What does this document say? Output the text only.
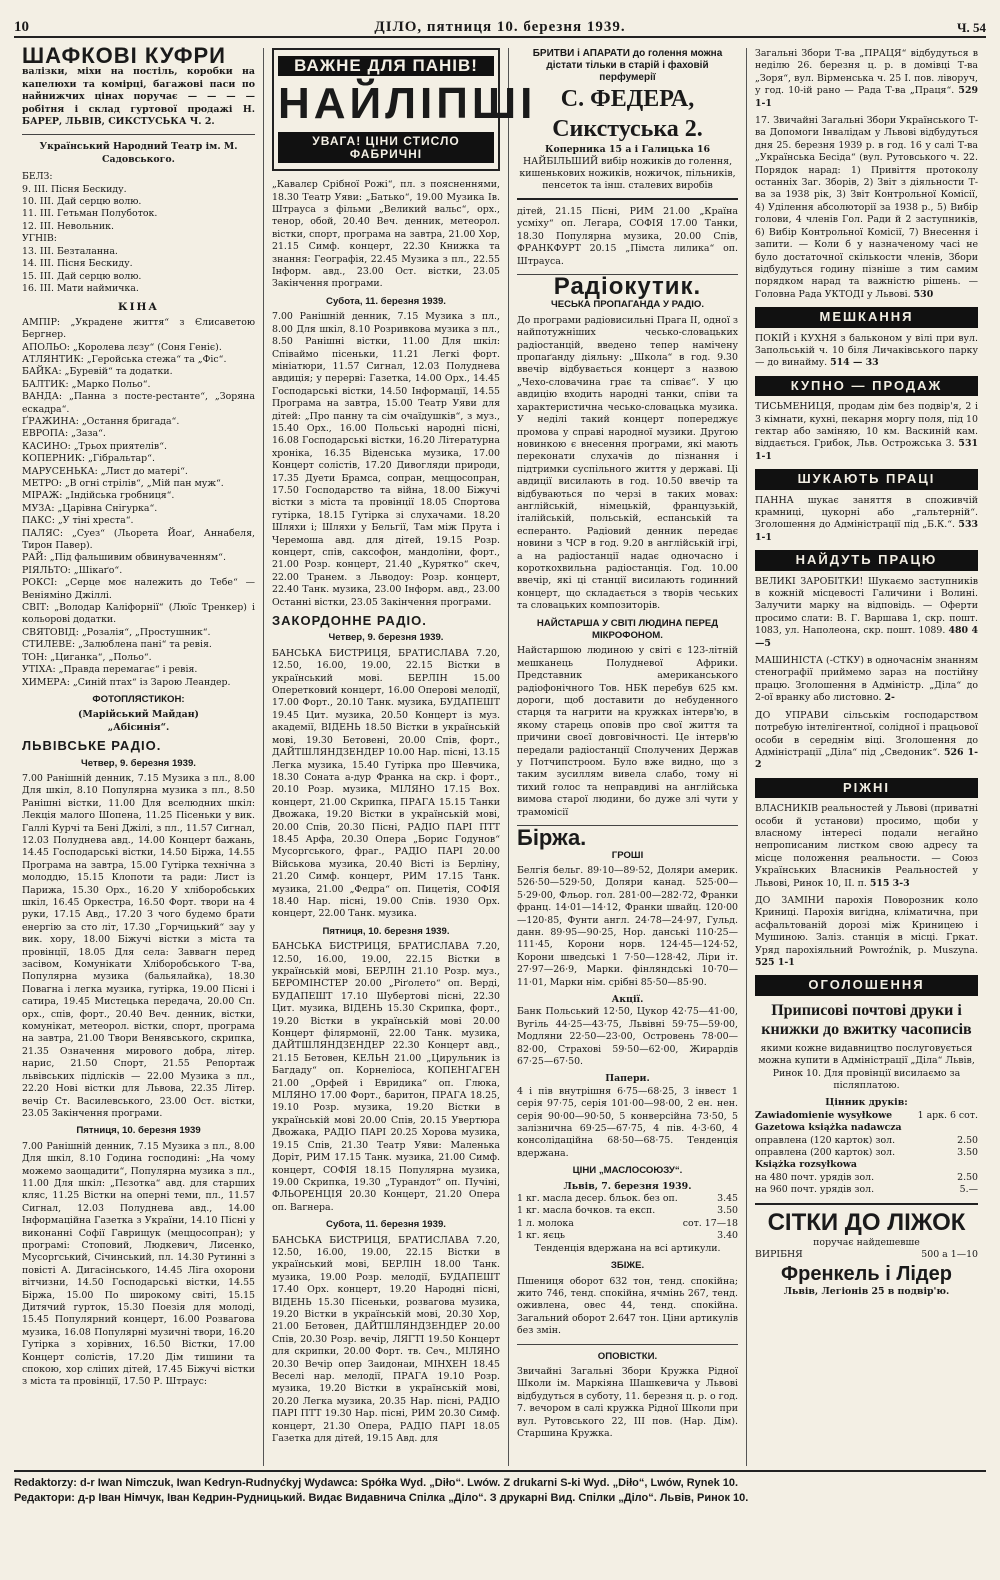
10	ДІЛО, пятниця 10. березня 1939.	Ч. 54
ШАФКОВІ КУФРИ

валізки, міхи на постіль, коробки на капелюхи та комірці, багажові паси по найнижчих цінах поручає — — — — робітня і склад гуртової продажі Н. БАРЕР, ЛЬВІВ, СИКСТУСЬКА Ч. 2.

Український Народний Театр ім. М. Садовського.

БЕЛЗ:
9. III. Пісня Бескиду.
10. III. Дай серцю волю.
11. III. Гетьман Полуботок.
12. III. Невольник.
УГНІВ:
13. III. Безталанна.
14. III. Пісня Бескиду.
15. III. Дай серцю волю.
16. III. Мати наймичка.
КІНА
АМПІР: „Украдене життя“ з Єлисаветою Бергнер.
АПОЛЬО: „Королева лєзу“ (Соня Геніє).
АТЛЯНТИК: „Геройська стежа“ та „Фіс“.
БАЙКА: „Буревій“ та додатки.
БАЛТИК: „Марко Польо“.
ВАНДА: „Панна з посте-рестанте“, „Зоряна ескадра“.
ҐРАЖИНА: „Остання бригада“.
ЕВРОПА: „Заза“.
КАСИНО: „Трьох приятелів“.
КОПЕРНИК: „Гібральтар“.
МАРУСЕНЬКА: „Лист до матері“.
МЕТРО: „В огні стрілів“, „Мій пан муж“.
МІРАЖ: „Індійська гробниця“.
МУЗА: „Царівна Снігурка“.
ПАКС: „У тіні хреста“.
ПАЛЯС: „Суез“ (Льорета Йоаґ, Аннабеля, Тирон Павер).
РАЙ: „Під фальшивим обвинуваченням“.
РІЯЛЬТО: „Шікаґо“.
РОКСІ: „Серце моє належить до Тебе“ — Веніяміно Джіллі.
СВІТ: „Володар Каліфорнії“ (Люїс Тренкер) і кольорові додатки.
СВЯТОВІД: „Розалія“, „Простушник“.
СТИЛЕВЕ: „Залюблена пані“ та ревія.
ТОН: „Циганка“, „Польо“.
УТІХА: „Правда перемагає“ і ревія.
ХИМЕРА: „Синій птах“ із Зарою Леандер.
ФОТОПЛЯСТИКОН:
(Марійський Майдан)
„Абісинія“.
ЛЬВІВСЬКЕ РАДІО.
Четвер, 9. березня 1939.

7.00 Ранішній денник, 7.15 Музика з пл., 8.00 Для шкіл, 8.10 Популярна музика з пл., 8.50 Ранішні вістки, 11.00 Для вселюдних шкіл: Лекція малого Шопена, 11.25 Пісеньки у вик. Галлі Курчі та Бені Джілі, з пл., 11.57 Сигнал, 12.03 Полуднева авд., 14.00 Концерт бажань, 14.45 Господарські вістки, 14.50 Біржа, 14.55 Програма на завтра, 15.00 Гутірка технічна з молоддю, 15.15 Клопоти та ради: Лист із Парижа, 15.30 Орх., 16.20 У хліборобських шкіл, 16.45 Оркестра, 16.50 Форт. твори на 4 руки, 17.15 Авд., 17.20 З чого будемо брати енергію за сто літ, 17.30 „Горчицький“ зау у вик. хору, 18.00 Біжучі вістки з міста та провінції, 18.05 Для села: Заввагн перед засівом, Комунікати Хліборобського Т-ва, Популярна музика (бальялайка), 18.30 Повагна і легка музика, гутірка, 19.00 Пісні і сатира, 19.45 Мистецька передача, 20.00 Сп. орх., спів, форт., 20.40 Веч. денник, вістки, комунікат, метеорол. вістки, спорт, програма на завтра, 21.00 Твори Венявського, скрипка, 21.35 Означення мирового добра, літер. нарис, 21.50 Спорт, 21.55 Репортаж львівських підлісків — 22.00 Музика з пл., 22.20 Нові вістки для Львова, 22.35 Літер. вечір Ст. Василевського, 23.00 Ост. вістки, 23.05 Закінчення програми.

Пятниця, 10. березня 1939

7.00 Ранішній денник, 7.15 Музика з пл., 8.00 Для шкіл, 8.10 Година господині: „На чому можемо заощадити“, Популярна музика з пл., 11.00 Для шкіл: „Пєзотка“ авд. для старших кляс, 11.25 Вістки на оперні теми, пл., 11.57 Сигнал, 12.03 Полуднева авд., 14.00 Інформаційна Газетка з України, 14.10 Пісні у виконанні Софії Гаврищук (меццосопран); у програмі: Стоповий, Людкевич, Лисенко, Мусоргський, Січинський, пл. 14.30 Рутинні з повісті А. Дигасінського, 14.45 Ліга охорони вітчизни, 14.50 Господарські вістки, 14.55 Біржа, 15.00 По широкому світі, 15.15 Дитячий гурток, 15.30 Поезія для молоді, 15.45 Популярний концерт, 16.00 Розвагова музика, 16.08 Популярні музичні твори, 16.20 Гутірка з хорівних, 16.50 Вістки, 17.00 Концерт солістів, 17.20 Дім тишини та спокою, хор сліпих дітей, 17.45 Біжучі вістки з міста та провінції, 17.50 Р. Штраус:

ВАЖНЕ ДЛЯ ПАНІВ!
НАЙЛІПШІ
УВАГА! ЦІНИ СТИСЛО ФАБРИЧНІ

„Кавалєр Срібної Рожі“, пл. з поясненнями, 18.30 Театр Уяви: „Батько“, 19.00 Музика Ів. Штрауса з фільми „Великий вальс“, орх., тенор, обой, 20.40 Веч. денник, метеорол. вістки, спорт, програма на завтра, 21.00 Хор, 21.15 Симф. концерт, 22.30 Книжка та знання: Географія, 22.45 Музика з пл., 22.55 Інформ. авд., 23.00 Ост. вістки, 23.05 Закінчення програми.

Субота, 11. березня 1939.

7.00 Ранішній денник, 7.15 Музика з пл., 8.00 Для шкіл, 8.10 Розривкова музика з пл., 8.50 Ранішні вістки, 11.00 Для шкіл: Співаймо пісеньки, 11.21 Легкі форт. мініатюри, 11.57 Сигнал, 12.03 Полуднева авдиція; у перерві: Газетка, 14.00 Орх., 14.45 Господарські вістки, 14.50 Інформації, 14.55 Програма на завтра, 15.00 Театр Уяви для дітей: „Про панну та сім очаїдушків“, з муз., 15.40 Орх., 16.00 Польські народні пісні, 16.08 Господарські вістки, 16.20 Літературна хроніка, 16.35 Віденська музика, 17.00 Концерт солістів, 17.20 Дивогляди природи, 17.35 Дуети Брамса, сопран, меццосопран, 17.50 Господарство та війна, 18.00 Біжучі вістки з міста та провінції 18.05 Спортова гутірка, 18.15 Гутірка зі слухачами. 18.20 Шляхи і; Шляхи у Бельгії, Там між Прута і Черемоша авд. для дітей, 19.15 Розр. концерт, спів, саксофон, мандоліни, форт., 21.00 Розр. концерт, 21.40 „Курятко“ скеч, 22.00 Транем. з Льводоу: Розр. концерт, 22.40 Танк. музика, 23.00 Інформ. авд., 23.00 Останні вістки, 23.05 Закінчення програми.

ЗАКОРДОННЕ РАДІО.
Четвер, 9. березня 1939.

БАНСЬКА БИСТРИЦЯ, БРАТИСЛАВА 7.20, 12.50, 16.00, 19.00, 22.15 Вістки в український мові. БЕРЛІН 15.00 Оперетковий концерт, 16.00 Оперові мелодії, 17.00 Форт., 20.10 Танк. музика, БУДАПЕШТ 19.45 Цит. музика, 20.50 Концерт із муз. академії, ВІДЕНЬ 18.50 Вістки в українській мові, 19.30 Бетовені, 20.00 Спів, форт., ДАЙТШЛЯНДЗЕНДЕР 10.00 Нар. пісні, 13.15 Легка музика, 15.40 Гутірка про Шевчика, 18.30 Соната а-дур Франка на скр. і форт., 20.10 Розр. музика, МІЛЯНО 17.15 Вох. концерт, 21.00 Скрипка, ПРАГА 15.15 Танки Двожака, 19.20 Вістки в українській мові, 20.00 Спів, 20.30 Пісні, РАДІО ПАРІ ПТТ 18.45 Арфа, 20.30 Опера „Борис Годунов“ Мусоргського, фраг., РАДІО ПАРІ 20.00 Військова музика, 20.40 Вісті із Берліну, 21.20 Симф. концерт, РИМ 17.15 Танк. музика, 21.00 „Федра“ оп. Пицетія, СОФІЯ 18.40 Нар. пісні, 19.00 Спів. 1930 Орх. концерт, 22.00 Танк. музика.

Пятниця, 10. березня 1939.

БАНСЬКА БИСТРИЦЯ, БРАТИСЛАВА 7.20, 12.50, 16.00, 19.00, 22.15 Вістки в українській мові, БЕРЛІН 21.10 Розр. муз., БЕРОМІНСТЕР 20.00 „Ріґолето“ оп. Верді, БУДАПЕШТ 17.10 Шубертові пісні, 22.30 Цит. музика, ВІДЕНЬ 15.30 Скрипка, форт., 19.20 Вістки в українській мові 20.00 Концерт філярмонії, 22.00 Танк. музика, ДАЙТШЛЯНДЗЕНДЕР 22.30 Концерт авд., 21.15 Бетовен, КЕЛЬН 21.00 „Цирульник із Багдаду“ оп. Корнеліоса, КОПЕНГАГЕН 21.00 „Орфей і Евридика“ оп. Глюка, МІЛЯНО 17.00 Форт., баритон, ПРАГА 18.25, 19.10 Розр. музика, 19.20 Вістки в українській мові 20.00 Спів, 20.15 Увертюра Двожака, РАДІО ПАРІ 20.25 Хорова музика, 19.15 Спів, 21.30 Театр Уяви: Маленька Доріт, РИМ 17.15 Танк. музика, 21.00 Симф. концерт, СОФІЯ 18.15 Популярна музика, 19.00 Скрипка, 19.30 „Турандот“ оп. Пучіні, ФЛЬОРЕНЦІЯ 20.30 Концерт, 21.20 Опера оп. Вагнера.

Субота, 11. березня 1939.

БАНСЬКА БИСТРИЦЯ, БРАТИСЛАВА 7.20, 12.50, 16.00, 19.00, 22.15 Вістки в український мові, БЕРЛІН 18.00 Танк. музика, 19.00 Розр. мелодії, БУДАПЕШТ 17.40 Орх. концерт, 19.20 Народні пісні, ВІДЕНЬ 15.30 Пісеньки, розвагова музика, 19.20 Вістки в українській мові, 20.30 Хор, 21.00 Бетовен, ДАЙТШЛЯНДЗЕНДЕР 20.00 Спів, 20.30 Розр. вечір, ЛЯГТІ 19.50 Концерт для скрипки, 20.00 Форт. тв. Сеч., МІЛЯНО 20.30 Вечір опер Заидонаи, МІНХЕН 18.45 Веселі нар. мелодії, ПРАГА 19.10 Розр. музика, 19.20 Вістки в українській мові, 20.20 Легка музика, 20.35 Нар. пісні, РАДІО ПАРІ ПТТ 19.30 Нар. пісні, РИМ 20.30 Симф. концерт, 21.30 Опера, РАДІО ПАРІ 18.05 Газетка для дітей, 19.15 Авд. для

БРИТВИ і АПАРАТИ до голення можна дістати тільки в старій і фаховій перфумерії
С. ФЕДЕРА, Сикстуська 2.
Коперника 15 а і Галицька 16
НАЙБІЛЬШИЙ вибір ножиків до голення, кишенькових ножиків, ножичок, пільників, пенсеток та інш. сталевих виробів

дітей, 21.15 Пісні, РИМ 21.00 „Країна усміху“ оп. Легара, СОФІЯ 17.00 Танки, 18.30 Популярна музика, 20.00 Спів, ФРАНКФУРТ 20.15 „Пімста лилика“ оп. Штрауса.

Радіокутик.
ЧЕСЬКА ПРОПАГАНДА У РАДІО.

До програми радіовисильні Прага II, одної з найпотужніших чесько-словацьких радіостанцій, введено тепер намічену пропаґанду діяльну: „Школа“ в год. 9.30 ввечір відбувається концерт з назвою „Чехо-словачина грає та співає“. У цю авдицію входить народні танки, співи та характеристична чесько-словацька музика. У неділі такий концерт попереджує промова у справі народної музики. Другою новинкою є внесення програми, які мають переконати слухачів до пізнання і підтримки суспільного життя у державі. Ці авдиції висилають в год. 10.50 ввечір та відбуваються по черзі в таких мовах: англійській, німецькій, французькій, італійській, польській, еспанській та есперанто. Радіовий денник передає новини з ЧСР в год. 9.20 в англійській ігрі, а на радіостанції надає одночасно і короткохвильна радіостанція. Год. 10.00 ввечір, які ці станції висилають годинний концерт, що складається з творів чеських та словацьких композиторів.

НАЙСТАРША У СВІТІ ЛЮДИНА ПЕРЕД МІКРОФОНОМ.

Найстаршою людиною у світі є 123-літній мешканець Полудневої Африки. Представник американського радіофонічного Тов. НБК перебув 625 км. дороги, щоб доставити до небуденного старця та нагрити на кружках інтерв'ю, в якому старець оповів про свої життя та причини своєї довговічності. Це інтерв'ю передали радіостанції Сполучених Держав у Потчипстроом. Було вже видно, що з таким зусиллям вивела слабо, тому ні тихий голос та неправдиві на англійська вимова старої людини, бо дуже злі чути у трамомісії

Біржа.
ГРОШІ

Белгія бельг. 89·10—89·52, Доляри америк. 526·50—529·50, Доляри канад. 525·00—5·29·00, Фльор. гол. 281·00—282·72, Франки франц. 14·01—14·12, Франки швайц. 120·00—120·85, Фунти англ. 24·78—24·97, Гульд. данн. 89·95—90·25, Нор. данські 110·25—111·45, Корони норв. 124·45—124·52, Корони шведські 1 7·50—128·42, Ліри іт. 27·97—26·9, Марки. фінляндські 10·70—11·01, Марки нім. срібні 85·50—85·90.

Акції.

Банк Польський 12·50, Цукор 42·75—41·00, Вугіль 44·25—43·75, Львівні 59·75—59·00, Модляни 22·50—23·00, Островень 78·00—82·00, Страхові 59·50—62·00, Жирардів 67·25—67·50.

Папери.

4 і пів внутрішня 6·75—68·25, 3 інвест 1 серія 97·75, серія 101·00—98·00, 2 ен. нен. серія 90·00—90·50, 5 конверсійна 73·50, 5 залізнична 69·25—67·75, 4 пів. 4·3·60, 4 консолідаційна 68·50—68·75. Тенденція вдержана.

ЦІНИ „МАСЛОСОЮЗУ“.
Львів, 7. березня 1939.
1 кг. масла десер. бльок. без оп.	3.45
1 кг. масла бочков. та експ.	3.50
1 л. молока	сот. 17—18
1 кг. яєць	3.40

Тенденція вдержана на всі артикули.

ЗБІЖЕ.

Пшениця оборот 632 тон, тенд. спокійна; жито 746, тенд. спокійна, ячмінь 267, тенд. оживлена, овес 44, тенд. спокійна. Загальний оборот 2.647 тон. Ціни артикулів без змін.

ОПОВІСТКИ.

Звичайні Загальні Збори Кружка Рідної Школи ім. Маркіяна Шашкевича у Львові відбудуться в суботу, 11. березня ц. р. о год. 7. вечором в салі кружка Рідної Школи при вул. Рутовського 22, III пов. (Нар. Дім). Старшина Кружка.

Загальні Збори Т-ва „ПРАЦЯ“ відбудуться в неділю 26. березня ц. р. в домівці Т-ва „Зоря“, вул. Вірменська ч. 25 І. пов. ліворуч, у год. 10-ій рано — Рада Т-ва „Праця“. 529 1-1

17. Звичайні Загальні Збори Українського Т-ва Допомоги Інвалідам у Львові відбудуться дня 25. березня 1939 р. в год. 16 у салі Т-ва „Українська Бесіда“ (вул. Рутовського ч. 22. Порядок нарад: 1) Привіття протоколу останніх Заг. Зборів, 2) Звіт з діяльности Т-ва за 1938 рік, 3) Звіт Контрольної Комісії, 4) Уділення абсолюторії за 1938 р., 5) Вибір голови, 4 членів Гол. Ради й 2 заступників, 6) Вибір Контрольної Комісії, 7) Внесення і запити. — Коли б у назначеному часі не було достаточної скількости членів, Збори відбудуться годину пізніше з тим самим порядком нарад та важністю рішень. — Головна Рада УКТОДІ у Львові. 530

МЕШКАННЯ

ПОКІЙ і КУХНЯ з бальконом у вілі при вул. Запольській ч. 10 біля Личаківського парку — до винайму. 514 — 33

КУПНО — ПРОДАЖ

ТИСЬМЕНИЦЯ, продам дім без подвір'я, 2 і 3 кімнати, кухні, пекарня моргу поля, під 10 гектар або заміняю, 10 км. Васкиній кам. віддається. Грибок, Льв. Острожська 3. 531 1-1

ШУКАЮТЬ ПРАЦІ

ПАННА шукає заняття в споживчій крамниці, цукорні або „гальтерній“. Зголошення до Адміністрації під „Б.К.“. 533 1-1

НАЙДУТЬ ПРАЦЮ

ВЕЛИКІ ЗАРОБІТКИ! Шукаємо заступників в кожній місцевості Галичини і Волині. Залучити марку на відповідь. — Оферти просимо слати: В. Г. Варшава 1, скр. пошт. 1083, ул. Наполеона, скр. пошт. 1089. 480 4—5

МАШИНІСТА (-СТКУ) в одночаснім знанням стенографії приймемо зараз на постійну працю. Зголошення в Адміністр. „Діла“ до 2-ої вранку або листовно. 2-

ДО УПРАВИ сільськім господарством потребую інтелігентної, солідної і працьової особи в середнім віці. Зголошення до Адміністрації „Діла“ під „Сведоник“. 526 1-2

РІЖНІ

ВЛАСНИКІВ реальностей у Львові (приватні особи й установи) просимо, щоби у власному інтересі подали негайно непрописаним листком свою адресу та місце положення реальности. — Союз Українських Власників Реальностей у Львові, Ринок 10, II. п. 515 3-3

ДО ЗАМІНИ парохія Поворозник коло Криниці. Парохія вигідна, кліматична, при асфальтованій дорозі між Криницею і Мушиною. Заліз. станція в місці. Гркат. Уряд парохіяльний Powroźnik, p. Muszyna. 525 1-1

ОГОЛОШЕННЯ
Приписові почтові друки і книжки до вжитку часописів

якими кожне видавництво послуговується можна купити в Адміністрації „Діла“ Львів, Ринок 10. Для провінції висилаємо за післяплатою.

Цінник друків:
Zawiadomienie wysyłkowe	1 арк. 6 сот.
Gazetowa książka nadawcza
оправлена (120 карток) зол.	2.50
оправлена (200 карток) зол.	3.50
Książka rozsyłkowa
на 480 почт. урядів зол.	2.50
на 960 почт. урядів зол.	5.—
СІТКИ ДО ЛІЖОК
поручає найдешевше
ВИРІБНЯ	500 а 1—10
Френкель і Лідер
Львів, Легіонів 25 в подвір'ю.
Redaktorzy: d-r Iwan Nimczuk, Iwan Kedryn-Rudnyćkyj Wydawca: Spółka Wyd. „Diło“. Lwów. Z drukarni S-ki Wyd. „Diło“, Lwów, Rynek 10.
Редактори: д-р Іван Німчук, Іван Кедрин-Рудницький. Видає Видавнича Спілка „Діло“. З друкарні Вид. Спілки „Діло“. Львів, Ринок 10.
